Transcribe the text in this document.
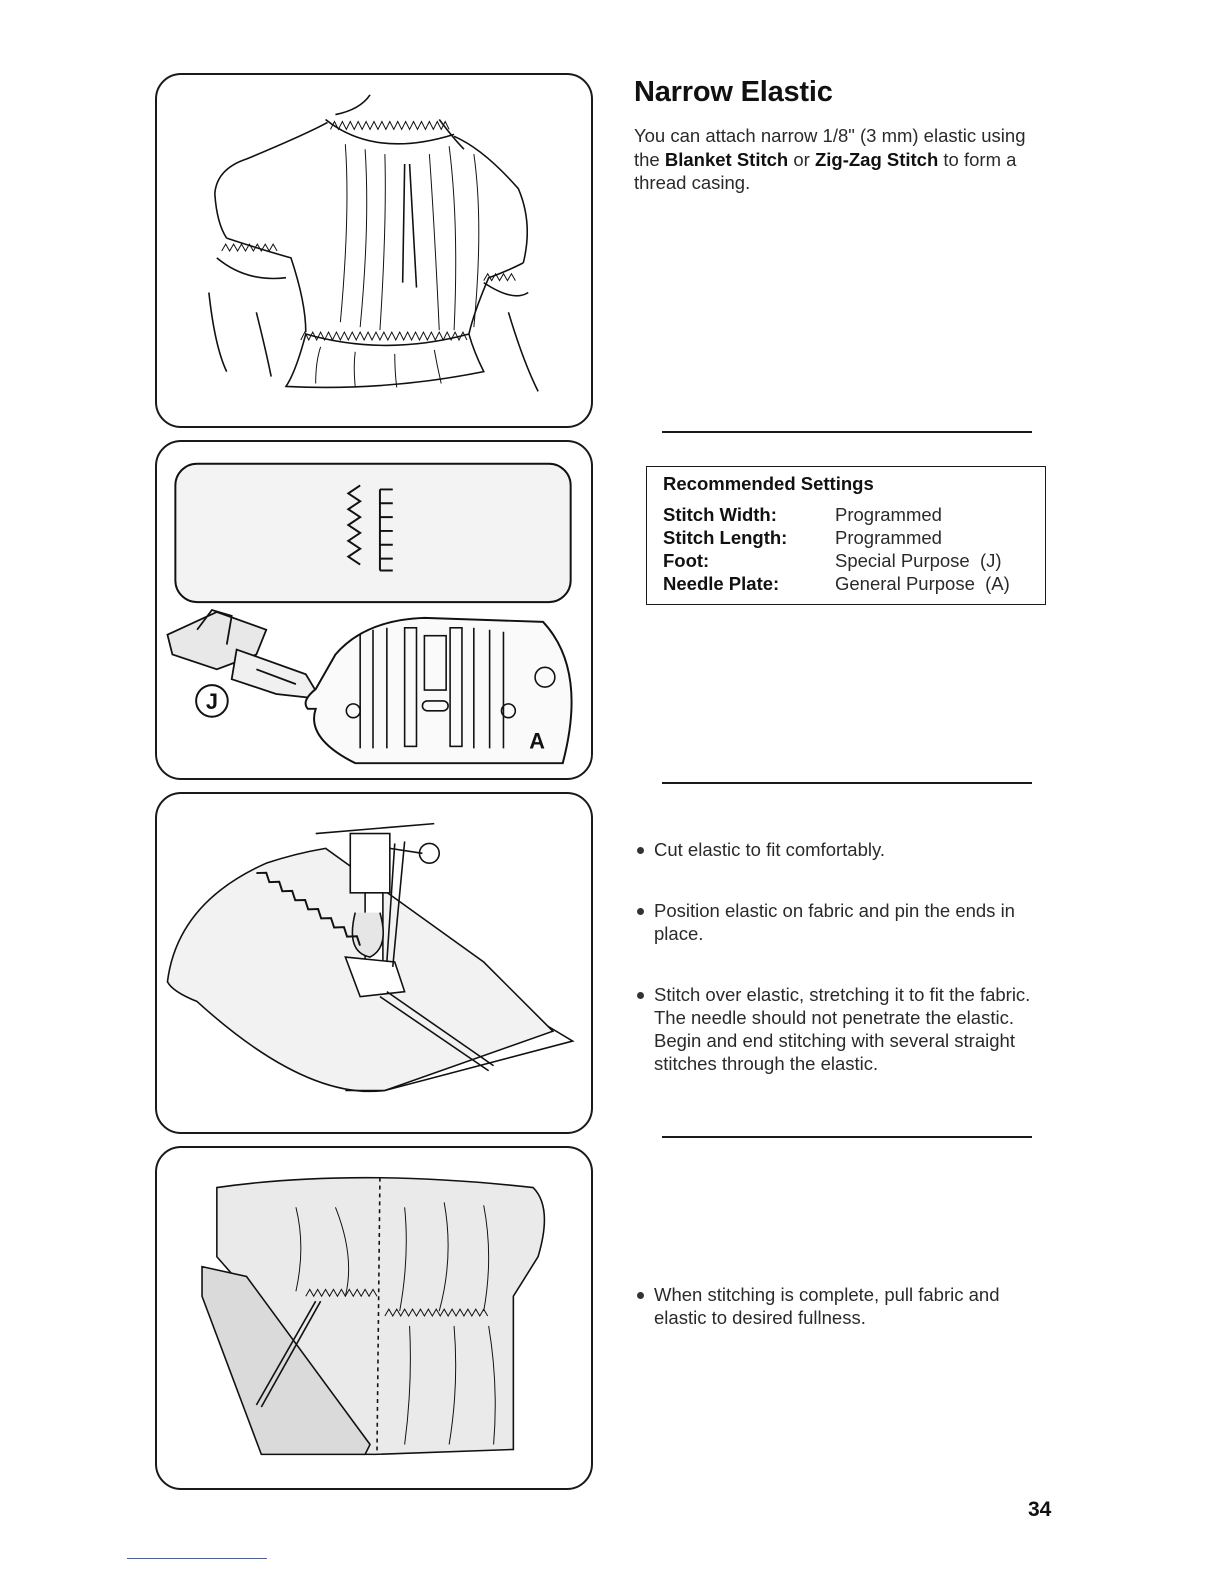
J
A
Narrow Elastic

You can attach narrow 1/8" (3 mm) elastic using the Blanket Stitch or Zig-Zag Stitch to form a thread casing.

Recommended Settings
Stitch Width:	Programmed
Stitch Length:	Programmed
Foot:	Special Purpose  (J)
Needle Plate:	General Purpose  (A)
Cut elastic to fit comfortably.
Position elastic on fabric and pin the ends in place.
Stitch over elastic, stretching it to fit the fabric. The needle should not penetrate the elastic. Begin and end stitching with several straight stitches through the elastic.
When stitching is complete, pull fabric and elastic to desired fullness.
34
